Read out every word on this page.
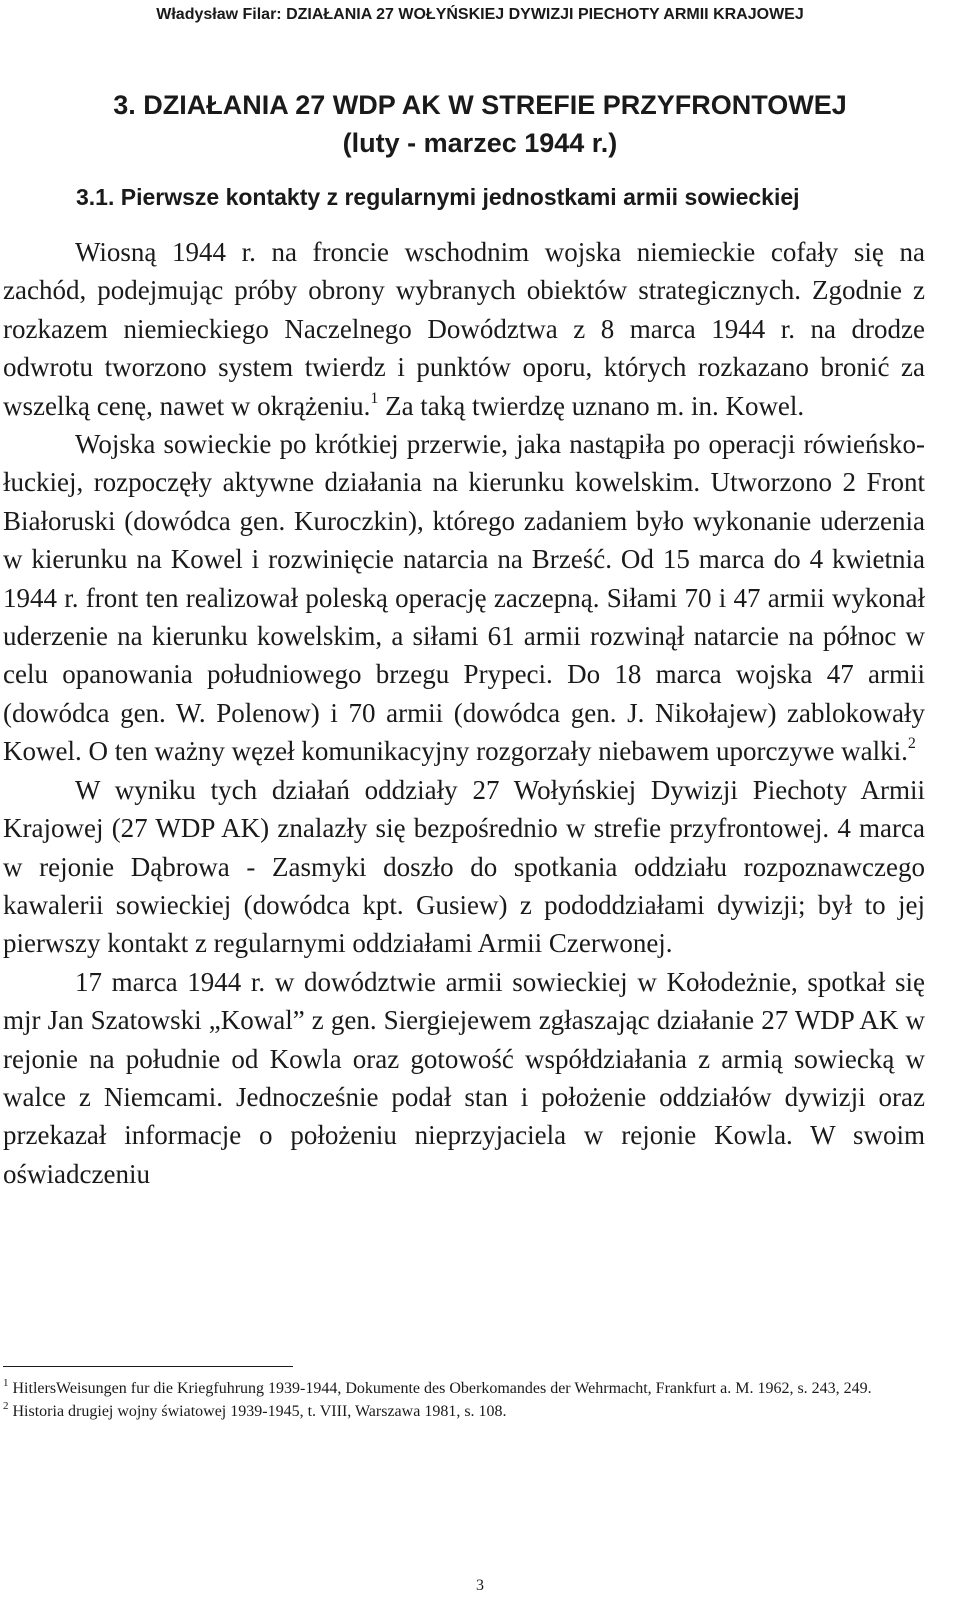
Władysław Filar: DZIAŁANIA 27 WOŁYŃSKIEJ DYWIZJI PIECHOTY ARMII KRAJOWEJ
3. DZIAŁANIA 27 WDP AK W STREFIE PRZYFRONTOWEJ
(luty - marzec 1944 r.)
3.1. Pierwsze kontakty z regularnymi jednostkami armii sowieckiej

Wiosną 1944 r. na froncie wschodnim wojska niemieckie cofały się na zachód, podejmując próby obrony wybranych obiektów strategicznych. Zgodnie z rozkazem niemieckiego Naczelnego Dowództwa z 8 marca 1944 r. na drodze odwrotu tworzono system twierdz i punktów oporu, których rozkazano bronić za wszelką cenę, nawet w okrążeniu.$^1$ Za taką twierdzę uznano m. in. Kowel.

Wojska sowieckie po krótkiej przerwie, jaka nastąpiła po operacji rówieńsko-łuckiej, rozpoczęły aktywne działania na kierunku kowelskim. Utworzono 2 Front Białoruski (dowódca gen. Kuroczkin), którego zadaniem było wykonanie uderzenia w kierunku na Kowel i rozwinięcie natarcia na Brześć. Od 15 marca do 4 kwietnia 1944 r. front ten realizował poleską operację zaczepną. Siłami 70 i 47 armii wykonał uderzenie na kierunku kowelskim, a siłami 61 armii rozwinął natarcie na północ w celu opanowania południowego brzegu Prypeci. Do 18 marca wojska 47 armii (dowódca gen. W. Polenow) i 70 armii (dowódca gen. J. Nikołajew) zablokowały Kowel. O ten ważny węzeł komunikacyjny rozgorzały niebawem uporczywe walki.$^2$

W wyniku tych działań oddziały 27 Wołyńskiej Dywizji Piechoty Armii Krajowej (27 WDP AK) znalazły się bezpośrednio w strefie przyfrontowej. 4 marca w rejonie Dąbrowa - Zasmyki doszło do spotkania oddziału rozpoznawczego kawalerii sowieckiej (dowódca kpt. Gusiew) z pododdziałami dywizji; był to jej pierwszy kontakt z regularnymi oddziałami Armii Czerwonej.

17 marca 1944 r. w dowództwie armii sowieckiej w Kołodeżnie, spotkał się mjr Jan Szatowski „Kowal” z gen. Siergiejewem zgłaszając działanie 27 WDP AK w rejonie na południe od Kowla oraz gotowość współdziałania z armią sowiecką w walce z Niemcami. Jednocześnie podał stan i położenie oddziałów dywizji oraz przekazał informacje o położeniu nieprzyjaciela w rejonie Kowla. W swoim oświadczeniu

$^1$ HitlersWeisungen fur die Kriegfuhrung 1939-1944, Dokumente des Oberkomandes der Wehrmacht, Frankfurt a. M. 1962, s. 243, 249.

$^2$ Historia drugiej wojny światowej 1939-1945, t. VIII, Warszawa 1981, s. 108.

3
